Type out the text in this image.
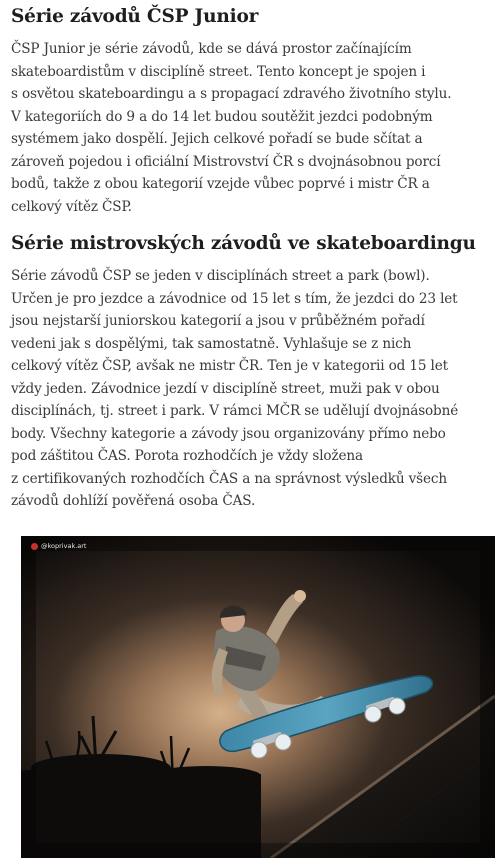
Série závodů ČSP Junior

ČSP Junior je série závodů, kde se dává prostor začínajícím
skateboardistům v disciplíně street. Tento koncept je spojen i
s osvětou skateboardingu a s propagací zdravého životního stylu.
V kategoriích do 9 a do 14 let budou soutěžit jezdci podobným
systémem jako dospělí. Jejich celkové pořadí se bude sčítat a
zároveň pojedou i oficiální Mistrovství ČR s dvojnásobnou porcí
bodů, takže z obou kategorií vzejde vůbec poprvé i mistr ČR a
celkový vítěz ČSP.

Série mistrovských závodů ve skateboardingu

Série závodů ČSP se jeden v disciplínách street a park (bowl).
Určen je pro jezdce a závodnice od 15 let s tím, že jezdci do 23 let
jsou nejstarší juniorskou kategorií a jsou v průběžném pořadí
vedeni jak s dospělými, tak samostatně. Vyhlašuje se z nich
celkový vítěz ČSP, avšak ne mistr ČR. Ten je v kategorii od 15 let
vždy jeden. Závodnice jezdí v disciplíně street, muži pak v obou
disciplínách, tj. street i park. V rámci MČR se udělují dvojnásobné
body. Všechny kategorie a závody jsou organizovány přímo nebo
pod záštitou ČAS. Porota rozhodčích je vždy složena
z certifikovaných rozhodčích ČAS a na správnost výsledků všech
závodů dohlíží pověřená osoba ČAS.

@koprivak.art
